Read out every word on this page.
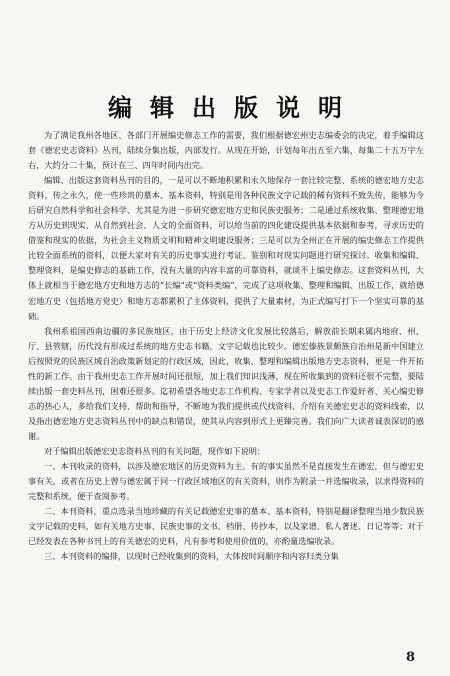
编辑出版说明

为了满足我州各地区、各部门开展编史修志工作的需要，我们根据德宏州史志编委会的决定，着手编辑这套《德宏史志资料》丛刊，陆续分集出版，内部发行。从现在开始，计划每年出五至六集，每集二十五万字左右，大约分二十集，预计在三、四年时间内出完。

编辑、出版这套资料丛刊的目的，一是可以不断地积累和永久地保存一套比较完整、系统的德宏地方史志资料，传之永久，使一些珍贵的墓本、基本资料，特别是用各种民族文字记载的稀有资料不致失传，能够为今后研究自然科学和社会科学、尤其是为进一步研究德宏地方史和民族史服务；二是通过系统收集、整理德宏地方从历史到现实、从自然到社会、人文的全面资料，可以给当前的四化建设提供基本依据和参考，寻求历史的借鉴和现实的依据，为社会主义物质文明和精神文明建设服务；三是可以为全州正在开展的编史修志工作提供比较全面系统的资料，以便大家对有关的历史事实进行考证、鉴别和对现实问题进行研究探讨。收集和编辑、整理资料，是编史修志的基础工作，没有大量的内容丰富的可靠资料，就谈不上编史修志。这套资料丛刊，大体上就相当于德宏地方史和地方志的“长编”或“资料类编”，完成了这项收集、整理和编辑、出版工作，就给德宏地方史（包括地方党史）和地方志都累积了主体资料，提供了大量素材，为正式编写打下一个坚实可靠的基础。

我州系祖国西南边疆的多民族地区，由于历史上经济文化发展比较落后，解放前长期来属内地府、州、厅、县管辖，历代没有形成过系统的地方史志书籍，文字记载也比较少。德宏傣族景颇族自治州是新中国建立后按照党的民族区域自治政策新划定的行政区域，因此，收集、整理和编辑出版地方史志资料，更是一件开拓性的新工作。由于我州史志工作开展时间还很短，加上我们知识浅薄，现在所收集到的资料还很不完整，要陆续出版一套史料丛刊，困难还很多。迄初希望各地史志工作机构、专家学者以及史志工作爱好者、关心编史修志的热心人，多给我们支持、帮助和指导，不断地为我们提供或代找资料、介绍有关德宏史志的资料线索，以及指出德宏地方史志资料丛刊中的缺点和错误，使其从内容到形式上更臻完善。我们向广大读者诚表深切的感谢。

对于编辑出版德宏史志资料丛刊的有关问题，现作如下说明：

一、本刊收录的资料，以涉及德宏地区的历史资料为主。有的事实虽然不是直接发生在德宏，但与德宏史事有关，或者在历史上曾与德宏属于同一行政区域地区的有关资料，则作为附录一并选编收录，以求得资料的完整和系统，便于查阅参考。

二、本刊资料，重点选录当地珍藏的有关记载德宏史事的墓本、基本资料，特别是翻译整理当地少数民族文字记载的史料，如有关地方史事、民族史事的文书、档册、传抄本，以及家谱、私人著述、日记等等；对于已经发表在各种书刊上的有关德宏的史料，凡有参考和使用价值的，亦酌量选编收录。

三、本刊资料的编排，以现时已经收集到的资料，大体按时间顺序和内容归类分集

8
